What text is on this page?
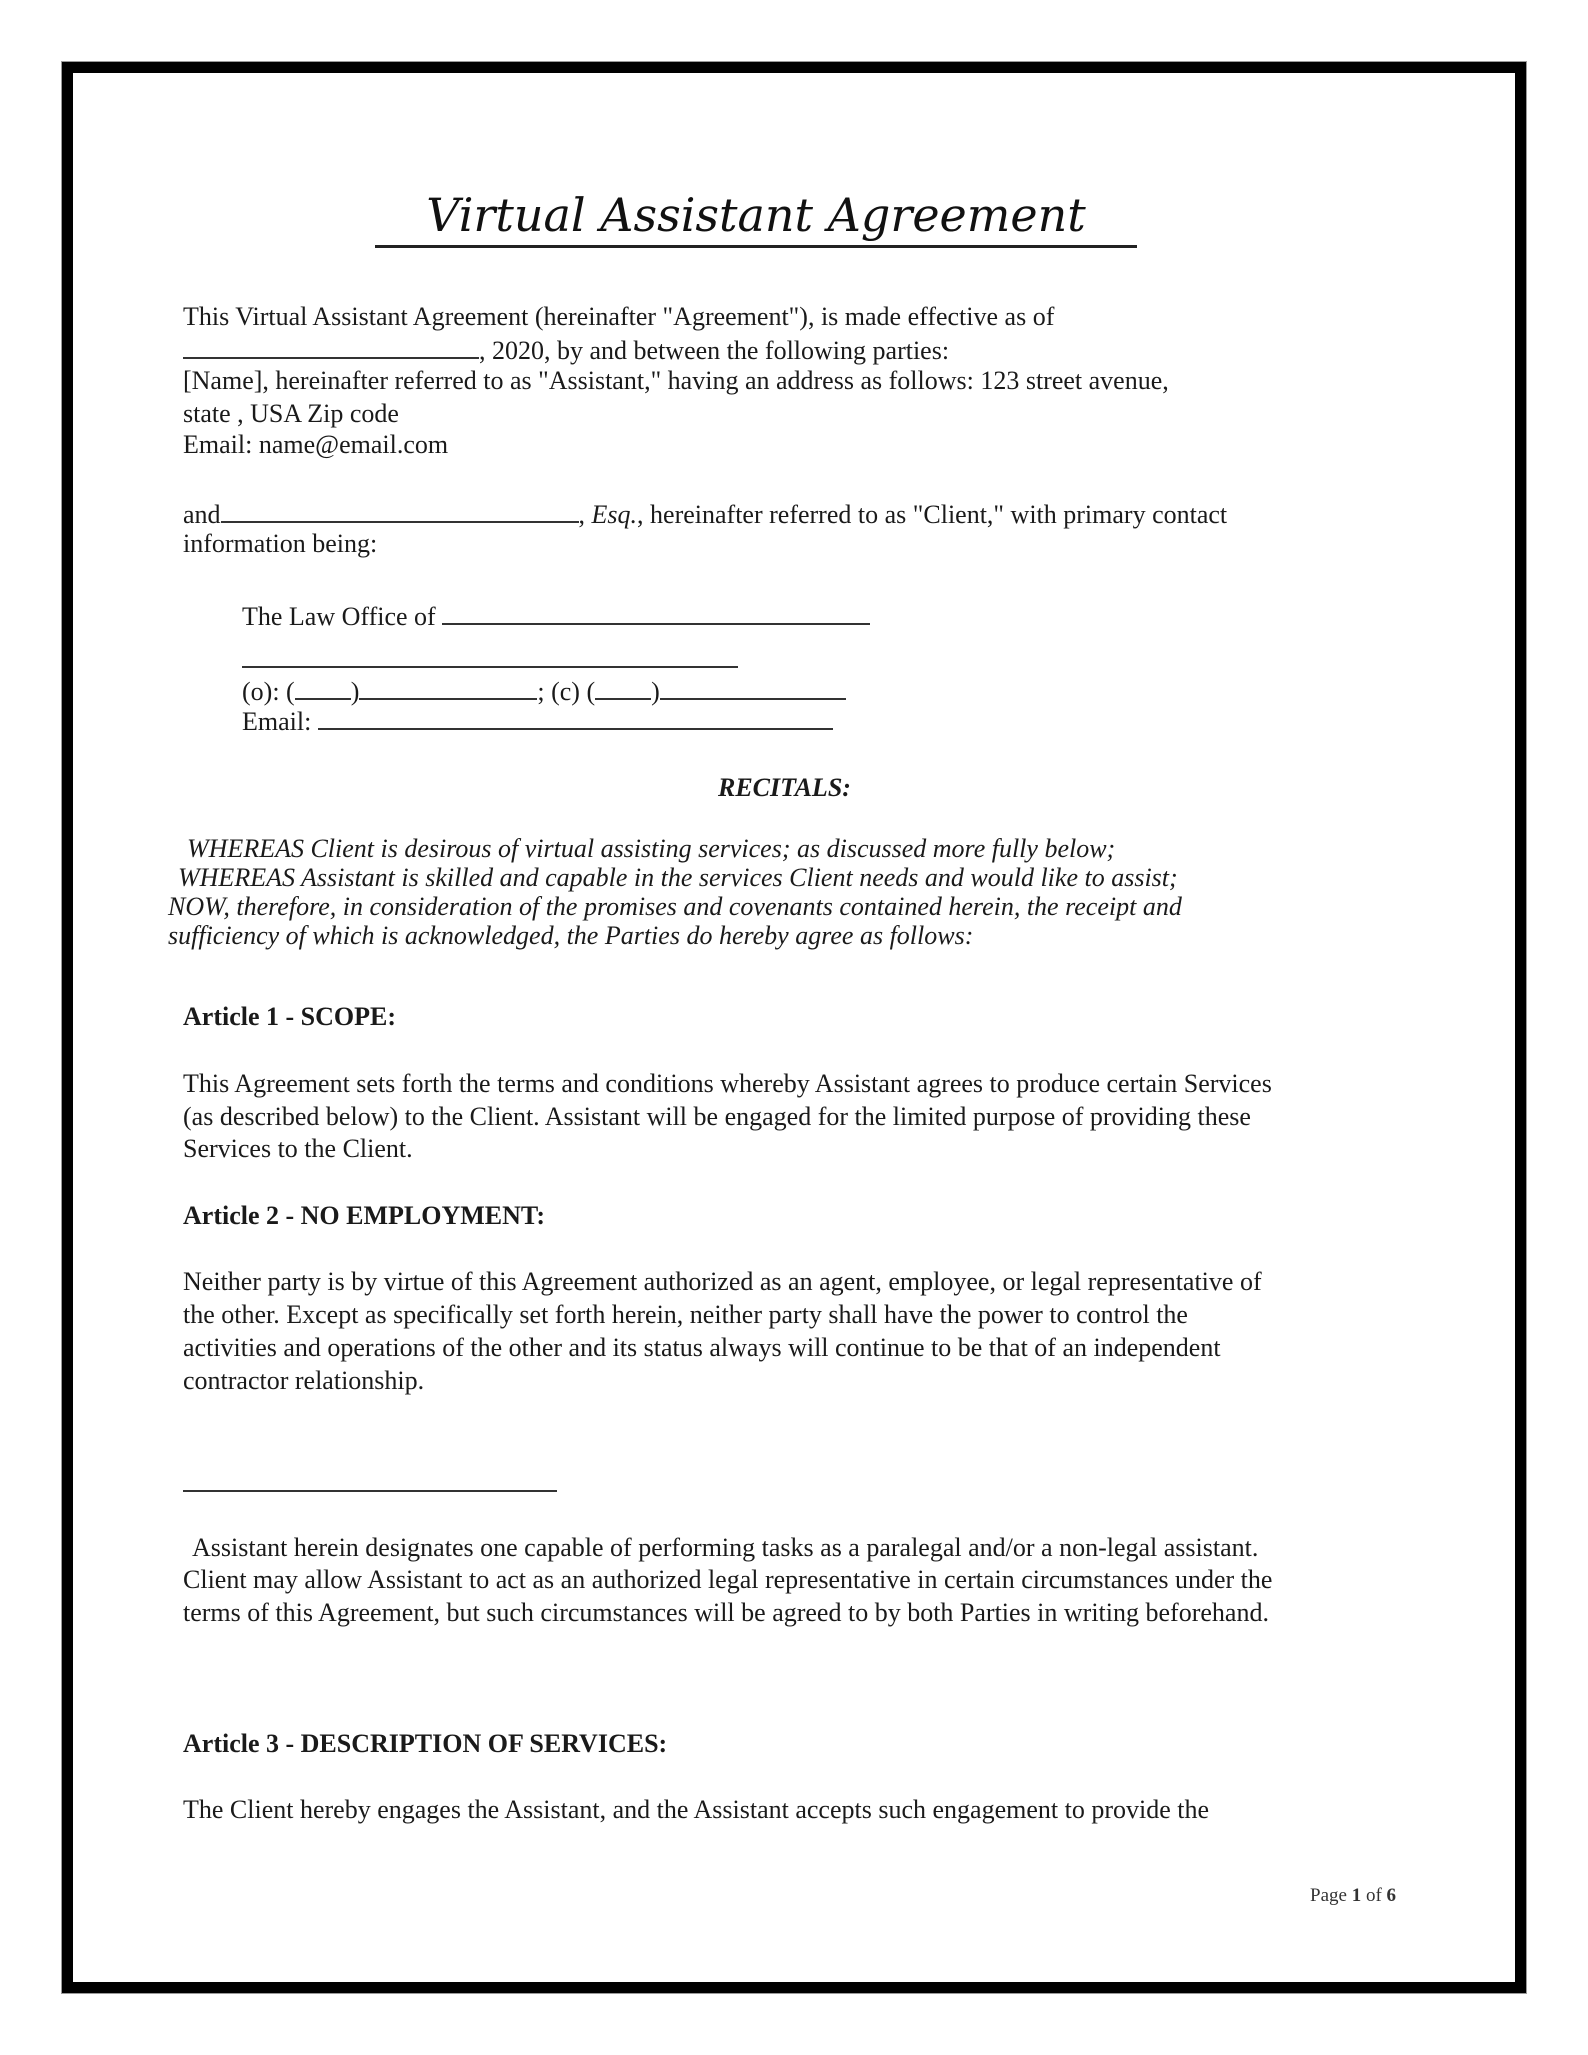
Virtual Assistant Agreement
This Virtual Assistant Agreement (hereinafter "Agreement"), is made effective as of
, 2020, by and between the following parties:
[Name], hereinafter referred to as "Assistant," having an address as follows: 123 street avenue,
state , USA Zip code
Email: name@email.com
and	, Esq., hereinafter referred to as "Client," with primary contact
information being:
The Law Office of
(o): ( )	; (c) ( )
Email:
RECITALS:
WHEREAS Client is desirous of virtual assisting services; as discussed more fully below;
WHEREAS Assistant is skilled and capable in the services Client needs and would like to assist;
NOW, therefore, in consideration of the promises and covenants contained herein, the receipt and
sufficiency of which is acknowledged, the Parties do hereby agree as follows:
Article 1 - SCOPE:
This Agreement sets forth the terms and conditions whereby Assistant agrees to produce certain Services
(as described below) to the Client. Assistant will be engaged for the limited purpose of providing these
Services to the Client.
Article 2 - NO EMPLOYMENT:
Neither party is by virtue of this Agreement authorized as an agent, employee, or legal representative of
the other. Except as specifically set forth herein, neither party shall have the power to control the
activities and operations of the other and its status always will continue to be that of an independent
contractor relationship.
Assistant herein designates one capable of performing tasks as a paralegal and/or a non-legal assistant.
Client may allow Assistant to act as an authorized legal representative in certain circumstances under the
terms of this Agreement, but such circumstances will be agreed to by both Parties in writing beforehand.
Article 3 - DESCRIPTION OF SERVICES:
The Client hereby engages the Assistant, and the Assistant accepts such engagement to provide the
Page 1 of 6
